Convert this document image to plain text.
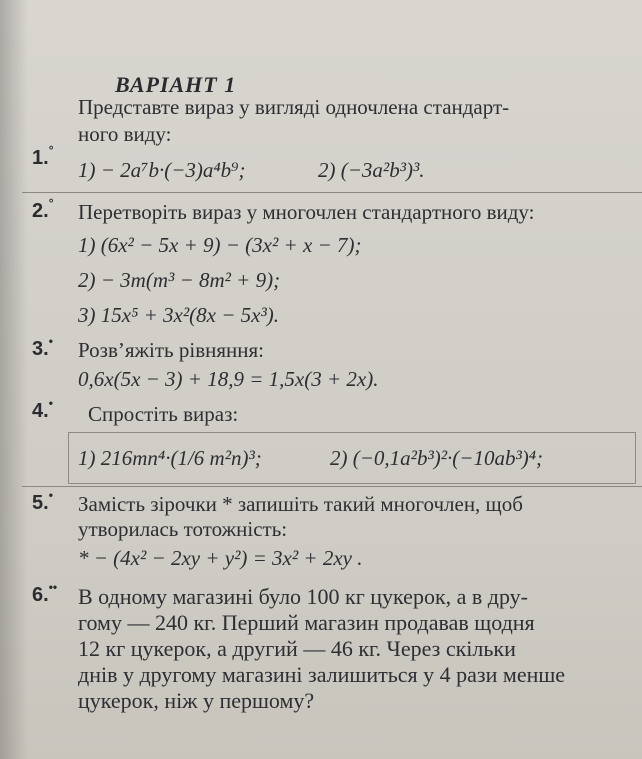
ВАРІАНТ 1
1.°
Представте вираз у вигляді одночлена стандарт-
ного виду:
1) − 2a⁷b·(−3)a⁴b⁹;	2) (−3a²b³)³.
2.° Перетворіть вираз у многочлен стандартного виду:
1) (6x² − 5x + 9) − (3x² + x − 7);
2) − 3m(m³ − 8m² + 9);
3) 15x⁵ + 3x²(8x − 5x³).
3.• Розв’яжіть рівняння:
0,6x(5x − 3) + 18,9 = 1,5x(3 + 2x).
4.• Спростіть вираз:
1) 216mn⁴·(1/6 m²n)³;	2) (−0,1a²b³)²·(−10ab³)⁴;
5.• Замість зірочки * запишіть такий многочлен, щоб
утворилась тотожність:
* − (4x² − 2xy + y²) = 3x² + 2xy .
6.•• В одному магазині було 100 кг цукерок, а в дру-
гому — 240 кг. Перший магазин продавав щодня
12 кг цукерок, а другий — 46 кг. Через скільки
днів у другому магазині залишиться у 4 рази менше
цукерок, ніж у першому?
